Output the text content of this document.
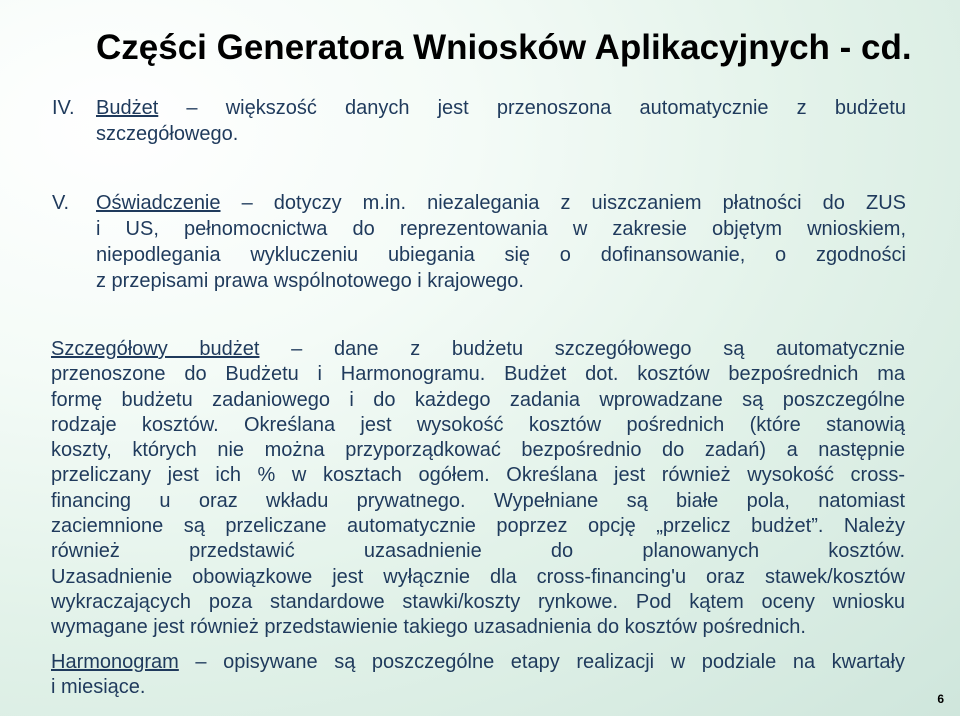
Części Generatora Wniosków Aplikacyjnych - cd.
IV. Budżet – większość danych jest przenoszona automatycznie z budżetu
szczegółowego.
V. Oświadczenie – dotyczy m.in. niezalegania z uiszczaniem płatności do ZUS
i US, pełnomocnictwa do reprezentowania w zakresie objętym wnioskiem,
niepodlegania wykluczeniu ubiegania się o dofinansowanie, o zgodności
z przepisami prawa wspólnotowego i krajowego.
Szczegółowy budżet – dane z budżetu szczegółowego są automatycznie
przenoszone do Budżetu i Harmonogramu. Budżet dot. kosztów bezpośrednich ma
formę budżetu zadaniowego i do każdego zadania wprowadzane są poszczególne
rodzaje kosztów. Określana jest wysokość kosztów pośrednich (które stanowią
koszty, których nie można przyporządkować bezpośrednio do zadań) a następnie
przeliczany jest ich % w kosztach ogółem. Określana jest również wysokość cross-
financing u oraz wkładu prywatnego. Wypełniane są białe pola, natomiast
zaciemnione są przeliczane automatycznie poprzez opcję „przelicz budżet”. Należy
również przedstawić uzasadnienie do planowanych kosztów.
Uzasadnienie obowiązkowe jest wyłącznie dla cross-financing'u oraz stawek/kosztów
wykraczających poza standardowe stawki/koszty rynkowe. Pod kątem oceny wniosku
wymagane jest również przedstawienie takiego uzasadnienia do kosztów pośrednich.
Harmonogram – opisywane są poszczególne etapy realizacji w podziale na kwartały
i miesiące.
6
